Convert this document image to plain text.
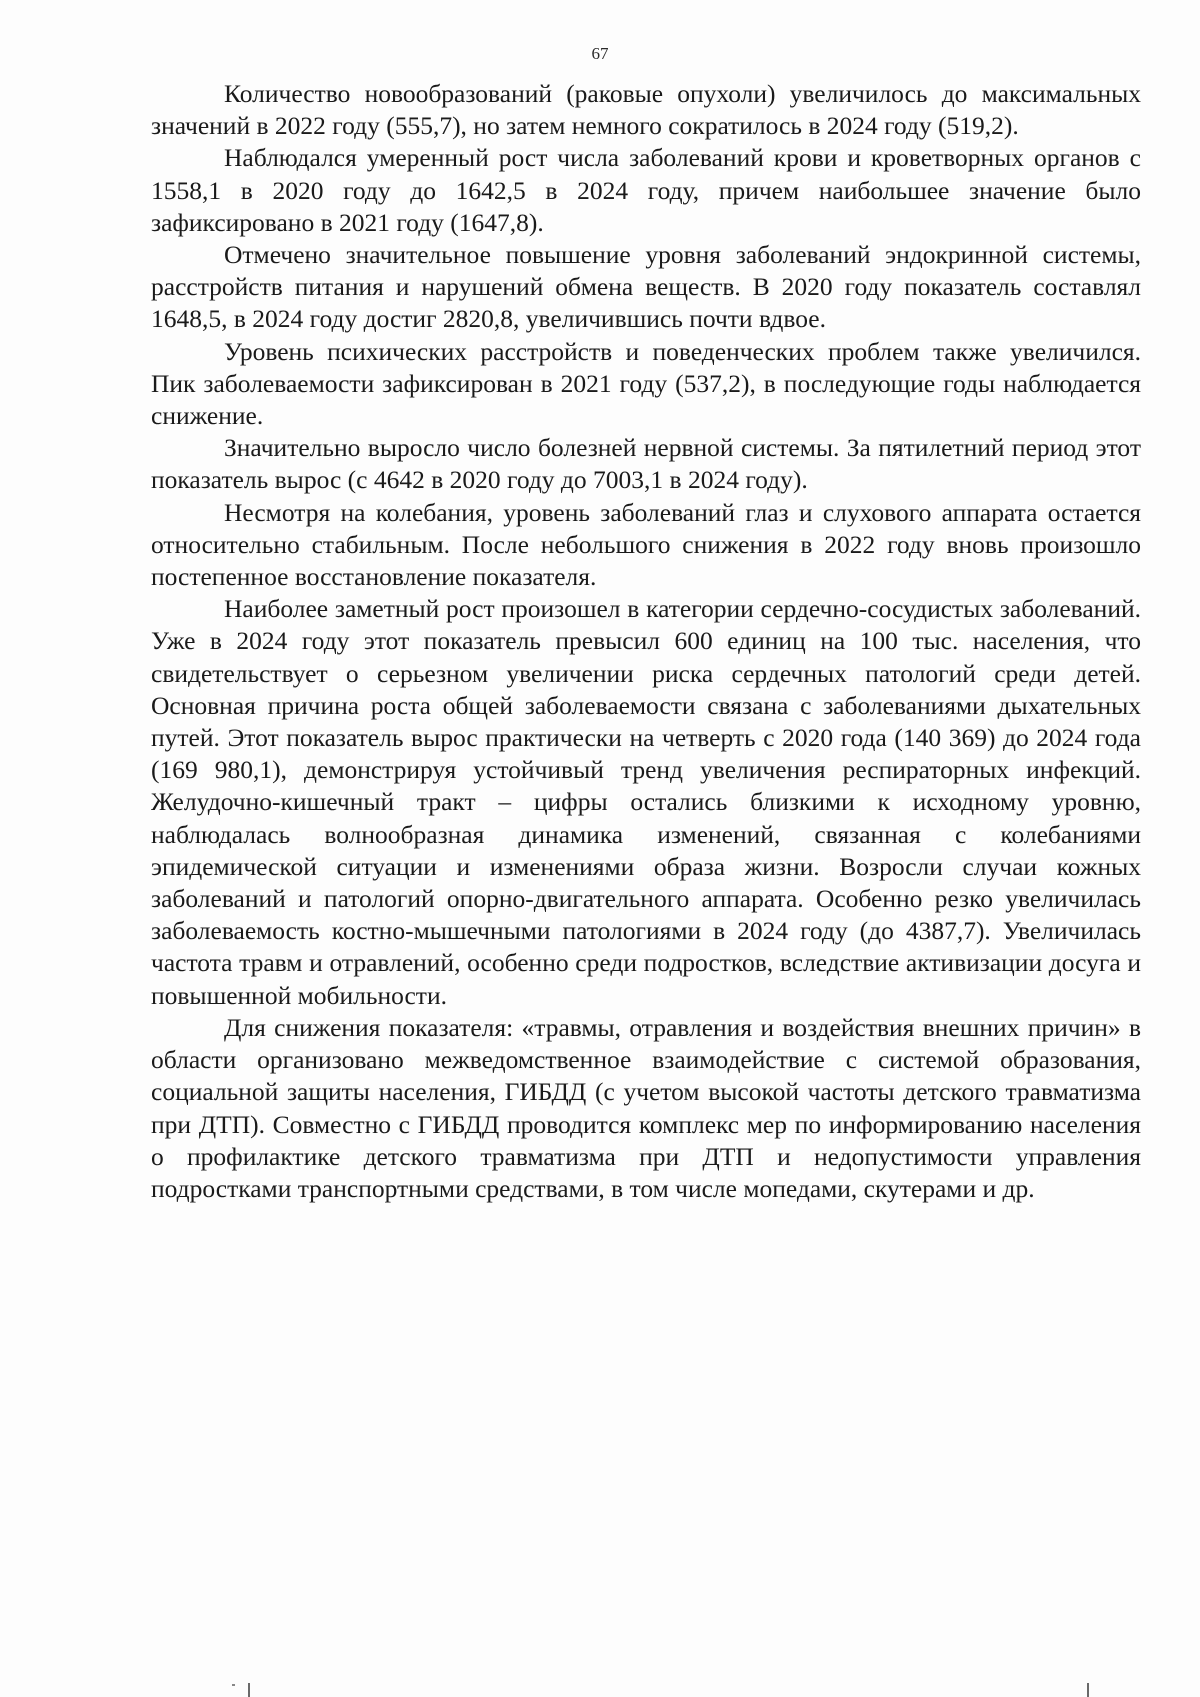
67

Количество новообразований (раковые опухоли) увеличилось до максимальных значений в 2022 году (555,7), но затем немного сократилось в 2024 году (519,2).

Наблюдался умеренный рост числа заболеваний крови и кроветворных органов с 1558,1 в 2020 году до 1642,5 в 2024 году, причем наибольшее значение было зафиксировано в 2021 году (1647,8).

Отмечено значительное повышение уровня заболеваний эндокринной системы, расстройств питания и нарушений обмена веществ. В 2020 году показатель составлял 1648,5, в 2024 году достиг 2820,8, увеличившись почти вдвое.

Уровень психических расстройств и поведенческих проблем также увеличился. Пик заболеваемости зафиксирован в 2021 году (537,2), в последующие годы наблюдается снижение.

Значительно выросло число болезней нервной системы. За пятилетний период этот показатель вырос (с 4642 в 2020 году до 7003,1 в 2024 году).

Несмотря на колебания, уровень заболеваний глаз и слухового аппарата остается относительно стабильным. После небольшого снижения в 2022 году вновь произошло постепенное восстановление показателя.

Наиболее заметный рост произошел в категории сердечно-сосудистых заболеваний. Уже в 2024 году этот показатель превысил 600 единиц на 100 тыс. населения, что свидетельствует о серьезном увеличении риска сердечных патологий среди детей. Основная причина роста общей заболеваемости связана с заболеваниями дыхательных путей. Этот показатель вырос практически на четверть с 2020 года (140 369) до 2024 года (169 980,1), демонстрируя устойчивый тренд увеличения респираторных инфекций. Желудочно-кишечный тракт – цифры остались близкими к исходному уровню, наблюдалась волнообразная динамика изменений, связанная с колебаниями эпидемической ситуации и изменениями образа жизни. Возросли случаи кожных заболеваний и патологий опорно-двигательного аппарата. Особенно резко увеличилась заболеваемость костно-мышечными патологиями в 2024 году (до 4387,7). Увеличилась частота травм и отравлений, особенно среди подростков, вследствие активизации досуга и повышенной мобильности.

Для снижения показателя: «травмы, отравления и воздействия внешних причин» в области организовано межведомственное взаимодействие с системой образования, социальной защиты населения, ГИБДД (с учетом высокой частоты детского травматизма при ДТП). Совместно с ГИБДД проводится комплекс мер по информированию населения о профилактике детского травматизма при ДТП и недопустимости управления подростками транспортными средствами, в том числе мопедами, скутерами и др.
